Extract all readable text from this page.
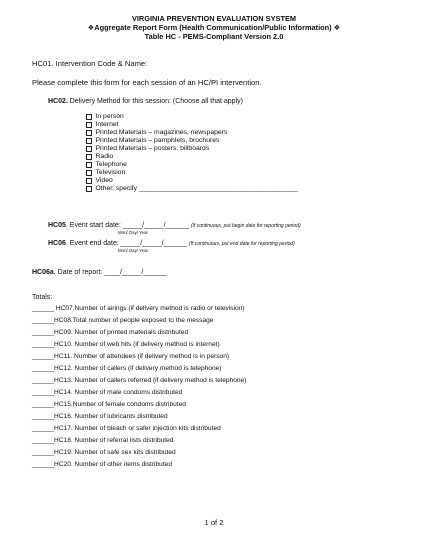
VIRGINIA PREVENTION EVALUATION SYSTEM
❖Aggregate Report Form (Health Communication/Public Information) ❖
Table HC - PEMS-Compliant Version 2.0
HC01. Intervention Code & Name:
Please complete this form for each session of an HC/PI intervention.
HC02. Delivery Method for this session: (Choose all that apply)
In person
Internet
Printed Materials – magazines, newspapers
Printed Materials – pamphlets, brochures
Printed Materials – posters, billboards
Radio
Telephone
Television
Video
Other, specify __________________________________________
HC05. Event start date: _____/_____/______ (If continuous, put begin date for reporting period)
Mon/ Day/ Year
HC06. Event end date: _____/_____/______ (If continuous, put end date for reporting period)
Mon/ Day/ Year
HC06a. Date of report: ____/_____/______
Totals:
______ HC07.Number of airings (if delivery method is radio or television)
______HC08.Total number of people exposed to the message
______HC09. Number of printed materials distributed
______HC10. Number of web hits (if delivery method is internet)
______HC11. Number of attendees (if delivery method is in person)
______HC12. Number of callers (if delivery method is telephone)
______HC13. Number of callers referred (if delivery method is telephone)
______HC14. Number of male condoms distributed
______HC15.Number of female condoms distributed
______HC16. Number of lubricants distributed
______HC17. Number of bleach or safer injection kits distributed
______HC18. Number of referral lists distributed
______HC19. Number of safe sex kits distributed
______HC20. Number of other items distributed
1 of 2
